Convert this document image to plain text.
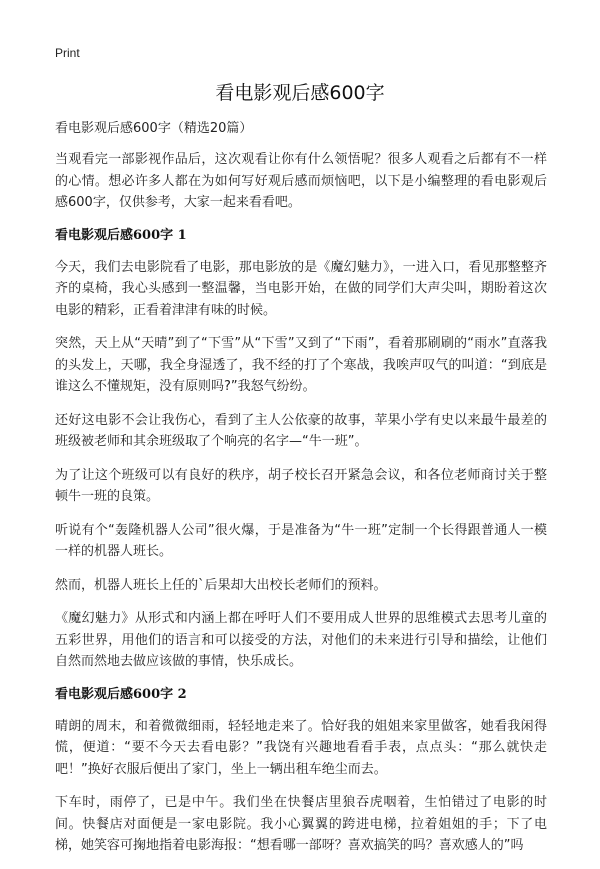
Print
看电影观后感600字
看电影观后感600字（精选20篇）

当观看完一部影视作品后，这次观看让你有什么领悟呢？很多人观看之后都有不一样的心情。想必许多人都在为如何写好观后感而烦恼吧，以下是小编整理的看电影观后感600字，仅供参考，大家一起来看看吧。

看电影观后感600字 1

今天，我们去电影院看了电影，那电影放的是《魔幻魅力》，一进入口，看见那整整齐齐的桌椅，我心头感到一整温馨，当电影开始，在做的同学们大声尖叫，期盼着这次电影的精彩，正看着津津有味的时候。

突然，天上从“天晴”到了“下雪”从“下雪”又到了“下雨”，看着那刷刷的“雨水”直落我的头发上，天哪，我全身湿透了，我不经的打了个寒战，我唉声叹气的叫道：“到底是谁这么不懂规矩，没有原则吗?”我怒气纷纷。

还好这电影不会让我伤心，看到了主人公依豪的故事，苹果小学有史以来最牛最差的班级被老师和其余班级取了个响亮的名字—“牛一班”。

为了让这个班级可以有良好的秩序，胡子校长召开紧急会议，和各位老师商讨关于整顿牛一班的良策。

听说有个“轰隆机器人公司”很火爆，于是准备为“牛一班”定制一个长得跟普通人一模一样的机器人班长。

然而，机器人班长上任的`后果却大出校长老师们的预料。

《魔幻魅力》从形式和内涵上都在呼吁人们不要用成人世界的思维模式去思考儿童的五彩世界，用他们的语言和可以接受的方法，对他们的未来进行引导和描绘，让他们自然而然地去做应该做的事情，快乐成长。

看电影观后感600字 2

晴朗的周末，和着微微细雨，轻轻地走来了。恰好我的姐姐来家里做客，她看我闲得慌，便道：“要不今天去看电影？”我饶有兴趣地看看手表，点点头：“那么就快走吧！”换好衣服后便出了家门，坐上一辆出租车绝尘而去。

下车时，雨停了，已是中午。我们坐在快餐店里狼吞虎咽着，生怕错过了电影的时间。快餐店对面便是一家电影院。我小心翼翼的跨进电梯，拉着姐姐的手；下了电梯，她笑容可掬地指着电影海报：“想看哪一部呀？喜欢搞笑的吗？喜欢感人的”吗
